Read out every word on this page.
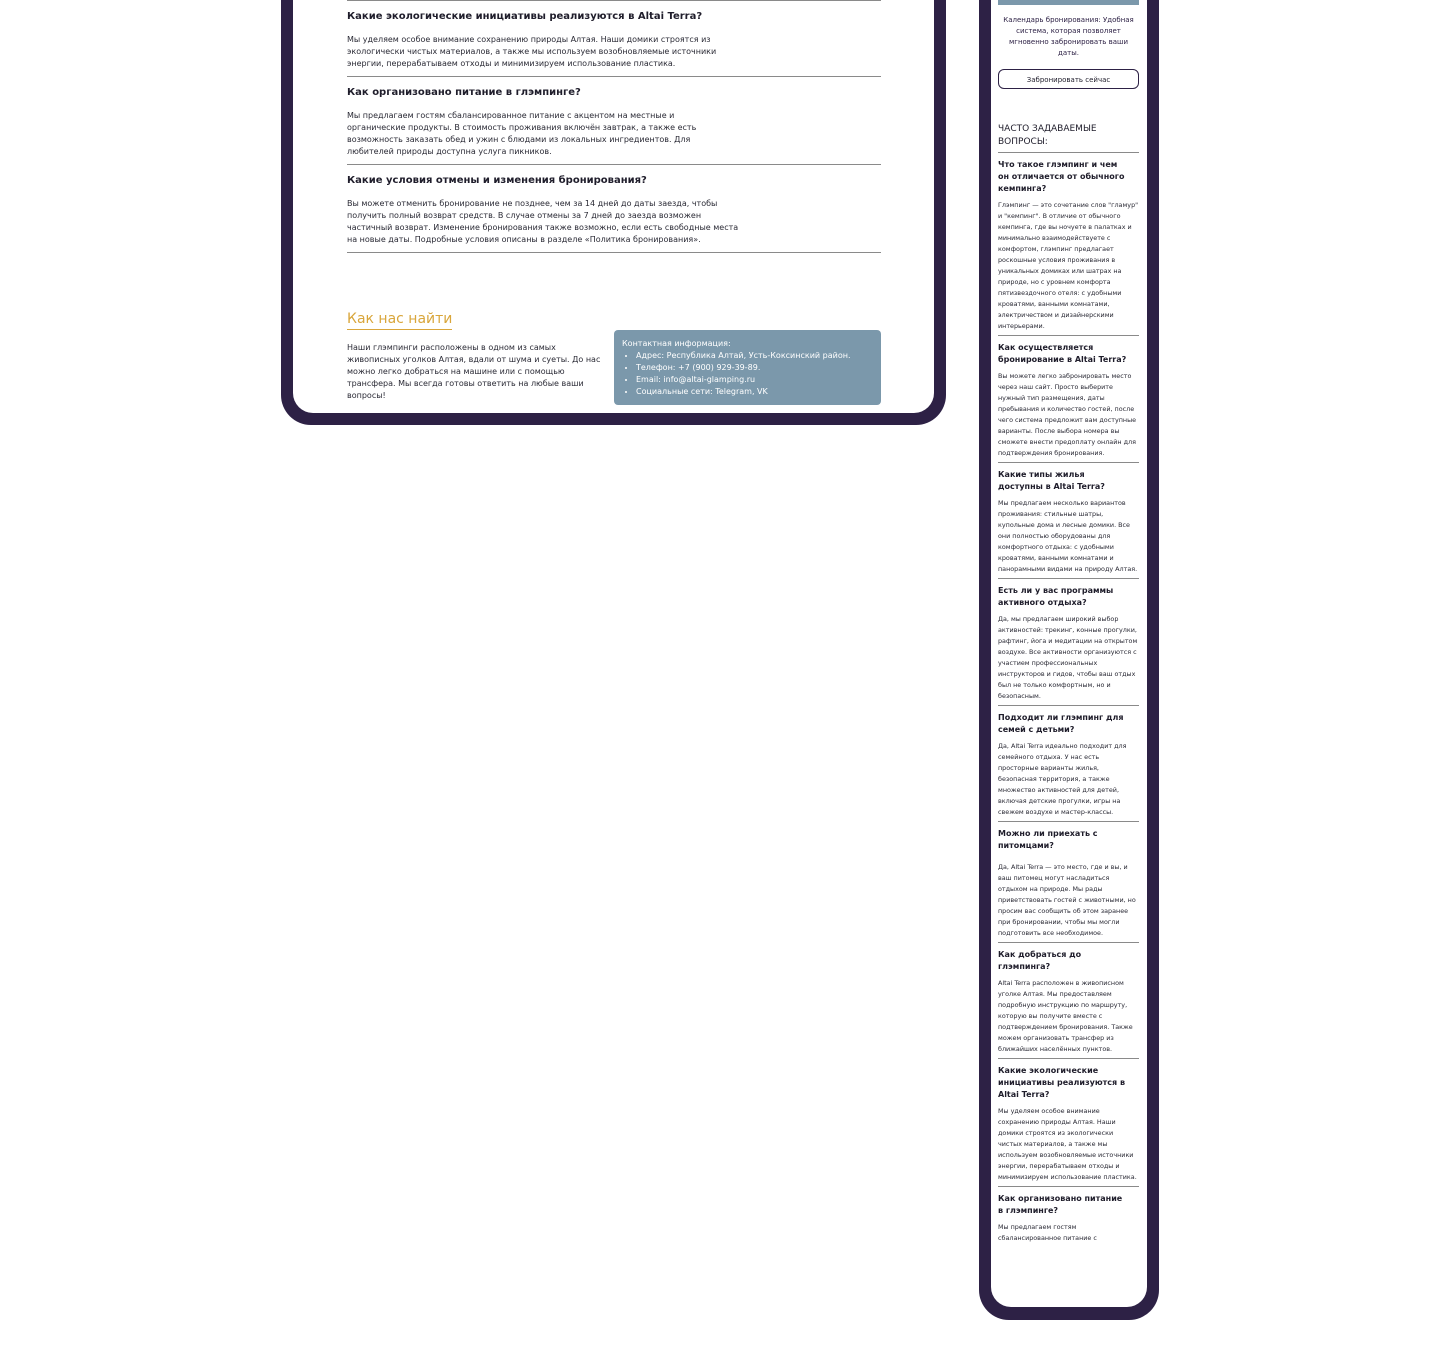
Какие экологические инициативы реализуются в Altai Terra?
Мы уделяем особое внимание сохранению природы Алтая. Наши домики строятся из экологически чистых материалов, а также мы используем возобновляемые источники энергии, перерабатываем отходы и минимизируем использование пластика.
Как организовано питание в глэмпинге?
Мы предлагаем гостям сбалансированное питание с акцентом на местные и органические продукты. В стоимость проживания включён завтрак, а также есть возможность заказать обед и ужин с блюдами из локальных ингредиентов. Для любителей природы доступна услуга пикников.
Какие условия отмены и изменения бронирования?
Вы можете отменить бронирование не позднее, чем за 14 дней до даты заезда, чтобы получить полный возврат средств. В случае отмены за 7 дней до заезда возможен частичный возврат. Изменение бронирования также возможно, если есть свободные места на новые даты. Подробные условия описаны в разделе «Политика бронирования».
Как нас найти
Наши глэмпинги расположены в одном из самых живописных уголков Алтая, вдали от шума и суеты. До нас можно легко добраться на машине или с помощью трансфера. Мы всегда готовы ответить на любые ваши вопросы!
Контактная информация:
• Адрес: Республика Алтай, Усть-Коксинский район.
• Телефон: +7 (900) 929-39-89.
• Email: info@altai-glamping.ru
• Социальные сети: Telegram, VK
Календарь бронирования: Удобная система, которая позволяет мгновенно забронировать ваши даты.
Забронировать сейчас
ЧАСТО ЗАДАВАЕМЫЕ ВОПРОСЫ:
Что такое глэмпинг и чем он отличается от обычного кемпинга?
Глэмпинг — это сочетание слов "гламур" и "кемпинг". В отличие от обычного кемпинга, где вы ночуете в палатках и минимально взаимодействуете с комфортом, глэмпинг предлагает роскошные условия проживания в уникальных домиках или шатрах на природе, но с уровнем комфорта пятизвездочного отеля: с удобными кроватями, ванными комнатами, электричеством и дизайнерскими интерьерами.
Как осуществляется бронирование в Altai Terra?
Вы можете легко забронировать место через наш сайт. Просто выберите нужный тип размещения, даты пребывания и количество гостей, после чего система предложит вам доступные варианты. После выбора номера вы сможете внести предоплату онлайн для подтверждения бронирования.
Какие типы жилья доступны в Altai Terra?
Мы предлагаем несколько вариантов проживания: стильные шатры, купольные дома и лесные домики. Все они полностью оборудованы для комфортного отдыха: с удобными кроватями, ванными комнатами и панорамными видами на природу Алтая.
Есть ли у вас программы активного отдыха?
Да, мы предлагаем широкий выбор активностей: трекинг, конные прогулки, рафтинг, йога и медитации на открытом воздухе. Все активности организуются с участием профессиональных инструкторов и гидов, чтобы ваш отдых был не только комфортным, но и безопасным.
Подходит ли глэмпинг для семей с детьми?
Да, Altai Terra идеально подходит для семейного отдыха. У нас есть просторные варианты жилья, безопасная территория, а также множество активностей для детей, включая детские прогулки, игры на свежем воздухе и мастер-классы.
Можно ли приехать с питомцами?
Да, Altai Terra — это место, где и вы, и ваш питомец могут насладиться отдыхом на природе. Мы рады приветствовать гостей с животными, но просим вас сообщить об этом заранее при бронировании, чтобы мы могли подготовить все необходимое.
Как добраться до глэмпинга?
Altai Terra расположен в живописном уголке Алтая. Мы предоставляем подробную инструкцию по маршруту, которую вы получите вместе с подтверждением бронирования. Также можем организовать трансфер из ближайших населённых пунктов.
Какие экологические инициативы реализуются в Altai Terra?
Мы уделяем особое внимание сохранению природы Алтая. Наши домики строятся из экологически чистых материалов, а также мы используем возобновляемые источники энергии, перерабатываем отходы и минимизируем использование пластика.
Как организовано питание в глэмпинге?
Мы предлагаем гостям сбалансированное питание с
